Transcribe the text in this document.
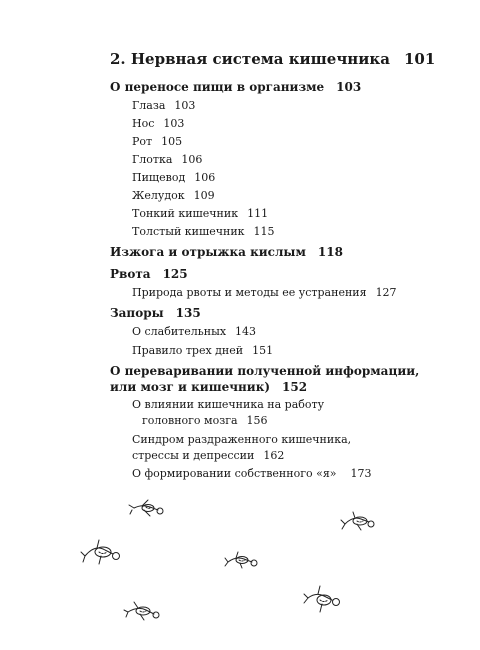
2. Нервная система кишечника 101
О переносе пищи в организме 103
Глаза 103
Нос 103
Рот 105
Глотка 106
Пищевод 106
Желудок 109
Тонкий кишечник 111
Толстый кишечник 115
Изжога и отрыжка кислым 118
Рвота 125
Природа рвоты и методы ее устранения 127
Запоры 135
О слабительных 143
Правило трех дней 151
О переваривании полученной информации,
или мозг и кишечник) 152
О влиянии кишечника на работу
головного мозга 156
Синдром раздраженного кишечника,
стрессы и депрессии 162
О формировании собственного «я» 173
